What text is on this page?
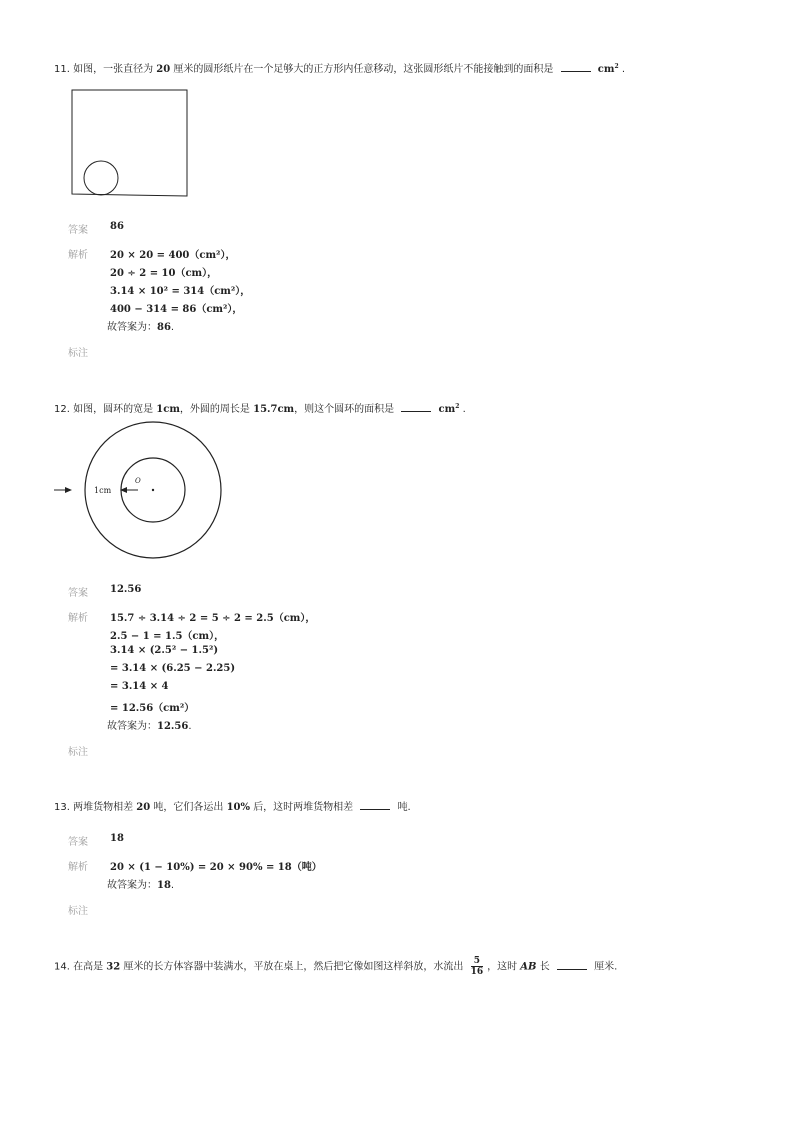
11. 如图，一张直径为 20 厘米的圆形纸片在一个足够大的正方形内任意移动，这张圆形纸片不能接触到的面积是	$cm^2$ .
答案 86
解析 20 × 20 = 400（cm²），
20 ÷ 2 = 10（cm），
3.14 × 10² = 314（cm²），
400 − 314 = 86（cm²），
故答案为：86.
标注
12. 如图，圆环的宽是 1cm，外圆的周长是 15.7cm，则这个圆环的面积是	$cm^2$ .
1cm
O
答案 12.56
解析 15.7 ÷ 3.14 ÷ 2 = 5 ÷ 2 = 2.5（cm），
2.5 − 1 = 1.5（cm），
3.14 × (2.5² − 1.5²)
= 3.14 × (6.25 − 2.25)
= 3.14 × 4
= 12.56（cm²）
故答案为：12.56.
标注
13. 两堆货物相差 20 吨，它们各运出 10% 后，这时两堆货物相差	吨.
答案 18
解析 20 × (1 − 10%) = 20 × 90% = 18（吨）
故答案为：18.
标注
14. 在高是 32 厘米的长方体容器中装满水，平放在桌上，然后把它像如图这样斜放，水流出 $\frac{5}{16}$ ，这时 AB 长	厘米.
